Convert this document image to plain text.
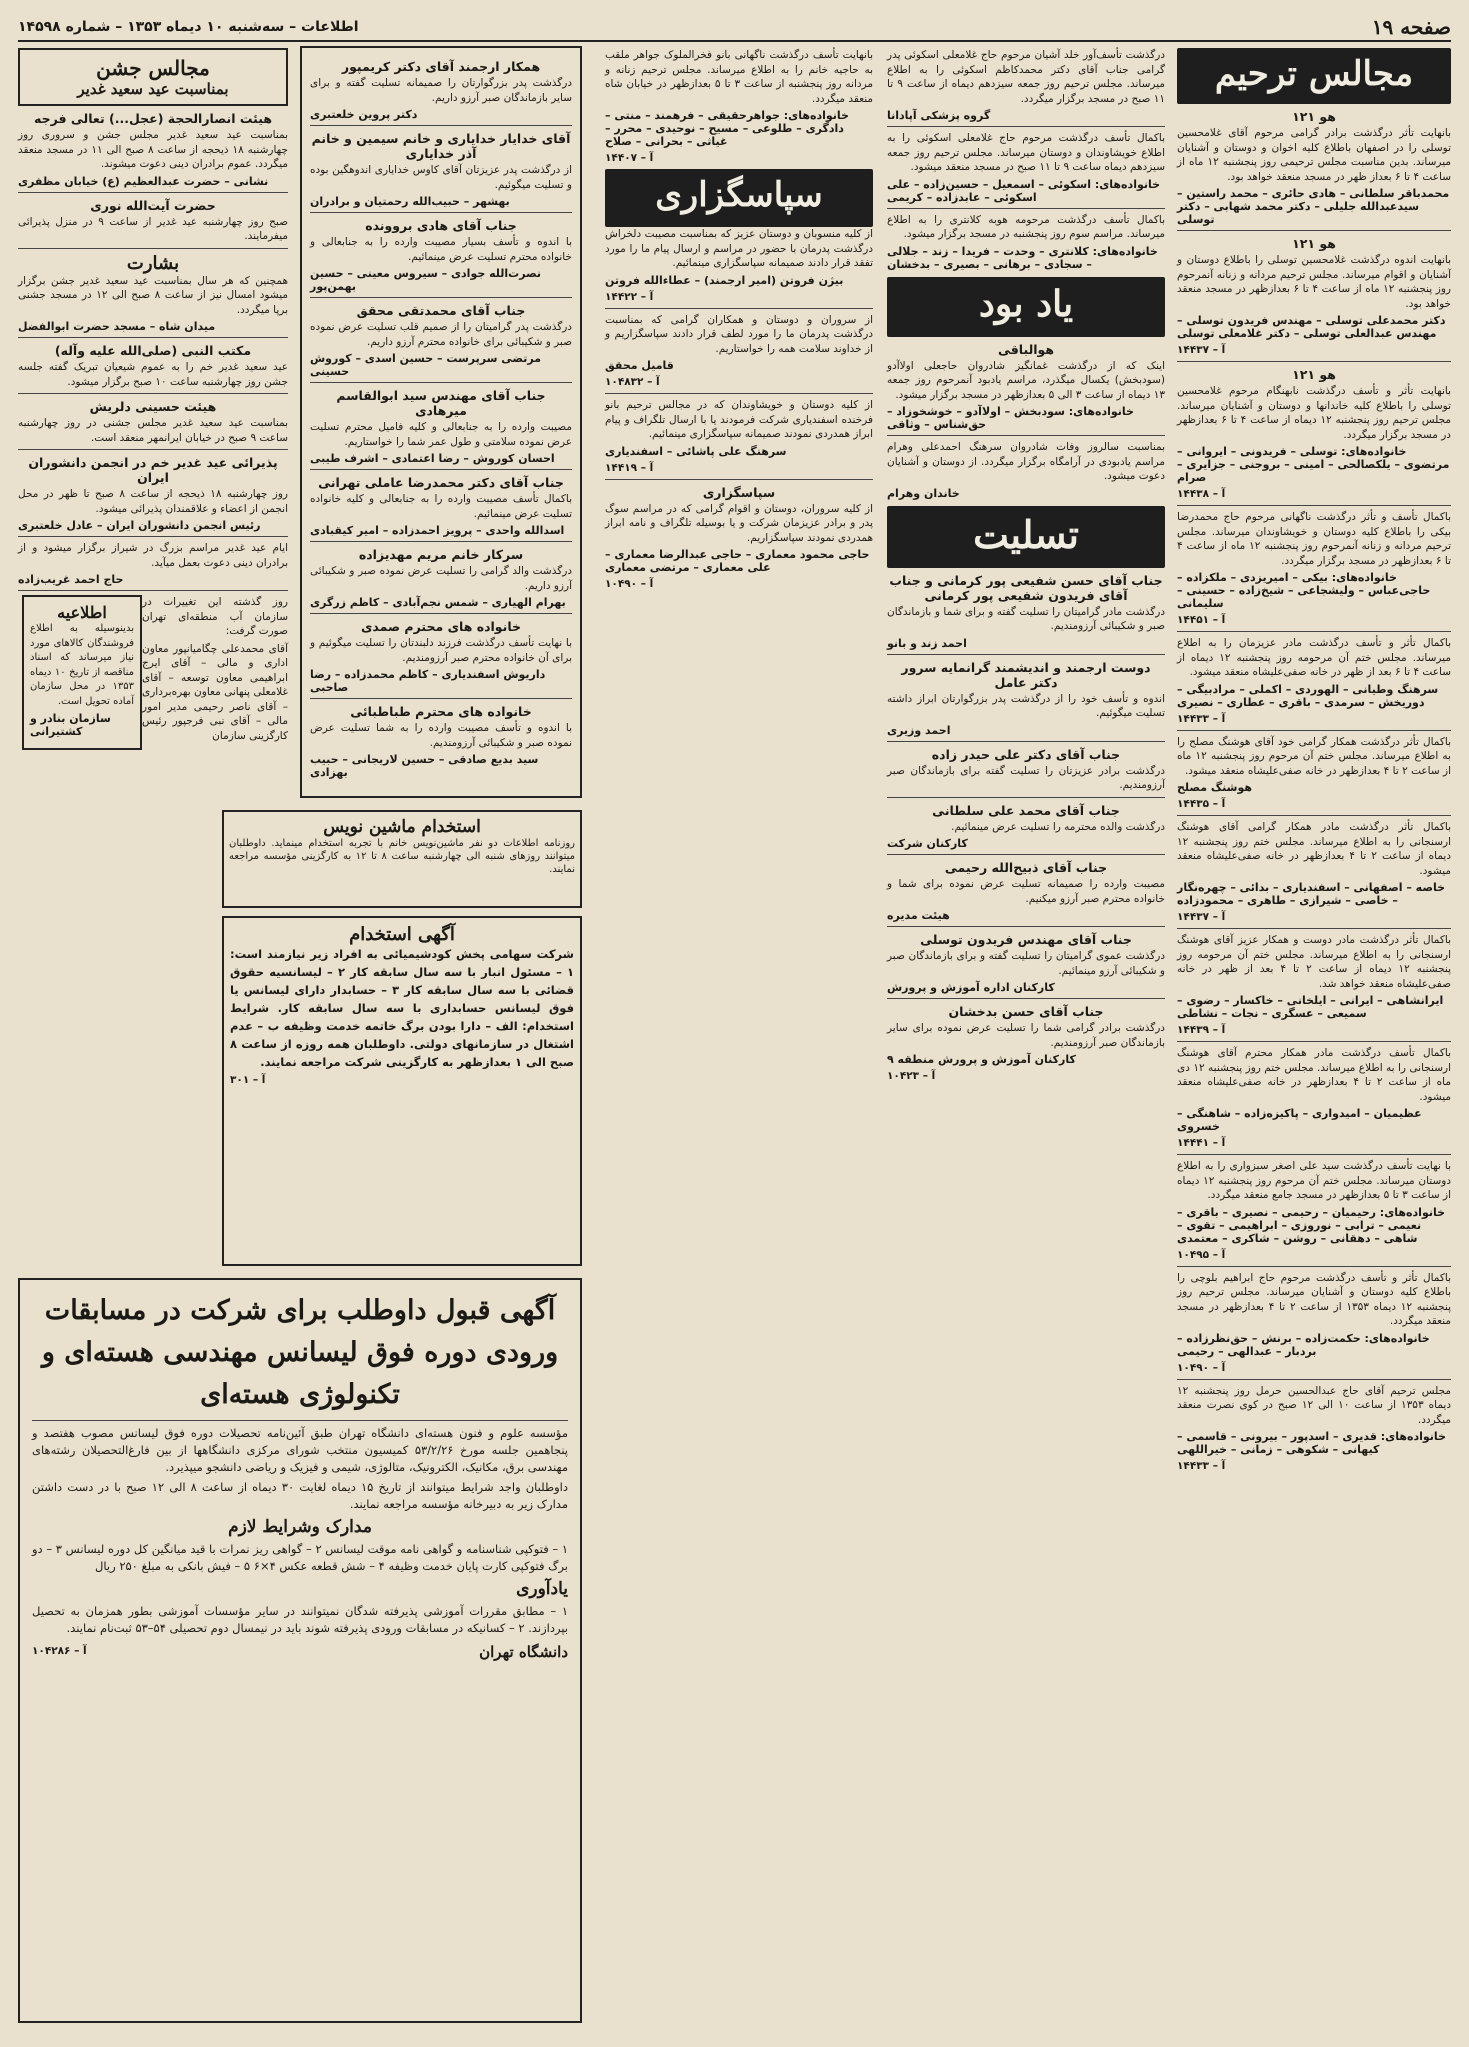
صفحه ۱۹
اطلاعات – سه‌شنبه ۱۰ دیماه ۱۳۵۳ – شماره ۱۴۵۹۸
مجالس ترحیم
هو ۱۲۱

بانهایت تأثر درگذشت برادر گرامی مرحوم آقای غلامحسین توسلی را در اصفهان باطلاع کلیه اخوان و دوستان و آشنایان میرساند. بدین مناسبت مجلس ترحیمی روز پنجشنبه ۱۲ ماه از ساعت ۴ تا ۶ بعداز ظهر در مسجد منعقد خواهد بود.

محمدباقر سلطانی – هادی حائری – محمد راستین – سیدعبدالله جلیلی – دکتر محمد شهابی – دکتر توسلی

هو ۱۲۱

بانهایت اندوه درگذشت غلامحسین توسلی را باطلاع دوستان و آشنایان و اقوام میرساند. مجلس ترحیم مردانه و زنانه آنمرحوم روز پنجشنبه ۱۲ ماه از ساعت ۴ تا ۶ بعدازظهر در مسجد منعقد خواهد بود.

دکتر محمدعلی توسلی – مهندس فریدون توسلی – مهندس عبدالعلی توسلی – دکتر غلامعلی توسلی

آ – ۱۴۴۳۷

هو ۱۲۱

بانهایت تأثر و تأسف درگذشت نابهنگام مرحوم غلامحسین توسلی را باطلاع کلیه خاندانها و دوستان و آشنایان میرساند. مجلس ترحیم روز پنجشنبه ۱۲ دیماه از ساعت ۴ تا ۶ بعدازظهر در مسجد برگزار میگردد.

خانواده‌های: توسلی – فریدونی – ایروانی – مرتضوی – یلکصالحی – امینی – بروجنی – جزایری – صرام

آ – ۱۴۴۳۸

باکمال تأسف و تأثر درگذشت ناگهانی مرحوم حاج محمدرضا بیکی را باطلاع کلیه دوستان و خویشاوندان میرساند. مجلس ترحیم مردانه و زنانه آنمرحوم روز پنجشنبه ۱۲ ماه از ساعت ۴ تا ۶ بعدازظهر در مسجد برگزار میگردد.

خانواده‌های: بیکی – امیریزدی – ملکزاده – حاجی‌عباس – ولیشجاعی – شیخ‌زاده – حسینی – سلیمانی

آ – ۱۴۴۵۱

باکمال تأثر و تأسف درگذشت مادر عزیزمان را به اطلاع میرساند. مجلس ختم آن مرحومه روز پنجشنبه ۱۲ دیماه از ساعت ۴ تا ۶ بعد از ظهر در خانه صفی‌علیشاه منعقد میشود.

سرهنگ وطیانی – الهوردی – اکملی – مرادبیگی – دوریخش – سرمدی – باقری – عطاری – نصیری

آ – ۱۴۴۳۳

باکمال تأثر درگذشت همکار گرامی خود آقای هوشنگ مصلح را به اطلاع میرساند. مجلس ختم آن مرحوم روز پنجشنبه ۱۲ ماه از ساعت ۲ تا ۴ بعدازظهر در خانه صفی‌علیشاه منعقد میشود.

هوشنگ مصلح

آ – ۱۴۴۳۵

باکمال تأثر درگذشت مادر همکار گرامی آقای هوشنگ ارسنجانی را به اطلاع میرساند. مجلس ختم روز پنجشنبه ۱۲ دیماه از ساعت ۲ تا ۴ بعدازظهر در خانه صفی‌علیشاه منعقد میشود.

خاصه – اصفهانی – اسفندیاری – بدائی – چهره‌نگار – خاصی – شیرازی – طاهری – محمودزاده

آ – ۱۴۴۳۷

باکمال تأثر درگذشت مادر دوست و همکار عزیز آقای هوشنگ ارسنجانی را به اطلاع میرساند. مجلس ختم آن مرحومه روز پنجشنبه ۱۲ دیماه از ساعت ۲ تا ۴ بعد از ظهر در خانه صفی‌علیشاه منعقد خواهد شد.

ایرانشاهی – ایرانی – ایلخانی – خاکسار – رضوی – سمیعی – عسگری – نجات – نشاطی

آ – ۱۴۴۳۹

باکمال تأسف درگذشت مادر همکار محترم آقای هوشنگ ارسنجانی را به اطلاع میرساند. مجلس ختم روز پنجشنبه ۱۲ دی ماه از ساعت ۲ تا ۴ بعدازظهر در خانه صفی‌علیشاه منعقد میشود.

عظیمیان – امیدواری – پاکیزه‌زاده – شاهنگی – خسروی

آ – ۱۴۴۴۱

با نهایت تأسف درگذشت سید علی اصغر سبزواری را به اطلاع دوستان میرساند. مجلس ختم آن مرحوم روز پنجشنبه ۱۲ دیماه از ساعت ۳ تا ۵ بعدازظهر در مسجد جامع منعقد میگردد.

خانواده‌های: رحیمیان – رحیمی – نصیری – باقری – نعیمی – ترابی – نوروزی – ابراهیمی – تقوی – شاهی – دهقانی – روشن – شاکری – معتمدی

آ – ۱۰۴۹۵

باکمال تأثر و تأسف درگذشت مرحوم حاج ابراهیم بلوچی را باطلاع کلیه دوستان و آشنایان میرساند. مجلس ترحیم روز پنجشنبه ۱۲ دیماه ۱۳۵۳ از ساعت ۲ تا ۴ بعدازظهر در مسجد منعقد میگردد.

خانواده‌های: حکمت‌زاده – برنش – حق‌نظرزاده – بردبار – عبدالهی – رحیمی

آ – ۱۰۴۹۰

مجلس ترحیم آقای حاج عبدالحسین حرمل روز پنجشنبه ۱۲ دیماه ۱۳۵۳ از ساعت ۱۰ الی ۱۲ صبح در کوی نصرت منعقد میگردد.

خانواده‌های: قدیری – اسدپور – بیرونی – قاسمی – کیهانی – شکوهی – زمانی – خیراللهی

آ – ۱۴۴۳۳

درگذشت تأسف‌آور خلد آشیان مرحوم حاج غلامعلی اسکوئی پدر گرامی جناب آقای دکتر محمدکاظم اسکوئی را به اطلاع میرساند. مجلس ترحیم روز جمعه سیزدهم دیماه از ساعت ۹ تا ۱۱ صبح در مسجد برگزار میگردد.

گروه پزشکی آپادانا

باکمال تأسف درگذشت مرحوم حاج غلامعلی اسکوئی را به اطلاع خویشاوندان و دوستان میرساند. مجلس ترحیم روز جمعه سیزدهم دیماه ساعت ۹ تا ۱۱ صبح در مسجد منعقد میشود.

خانواده‌های: اسکوئی – اسمعیل – حسین‌زاده – علی اسکوئی – عابدزاده – کریمی

باکمال تأسف درگذشت مرحومه هوبه کلانتری را به اطلاع میرساند. مراسم سوم روز پنجشنبه در مسجد برگزار میشود.

خانواده‌های: کلانتری – وحدت – فریدا – زند – جلالی – سجادی – برهانی – بصیری – بدخشان

یاد بود
هوالباقی

اینک که از درگذشت غمانگیز شادروان حاجعلی اولاآدو (سودبخش) یکسال میگذرد، مراسم یادبود آنمرحوم روز جمعه ۱۳ دیماه از ساعت ۳ الی ۵ بعدازظهر در مسجد برگزار میشود.

خانواده‌های: سودبخش – اولاآدو – خوشخوزاد – حق‌شناس – وثاقی

بمناسبت سالروز وفات شادروان سرهنگ احمدعلی وهرام مراسم یادبودی در آرامگاه برگزار میگردد. از دوستان و آشنایان دعوت میشود.

خاندان وهرام

تسلیت
جناب آقای حسن شفیعی پور کرمانی و جناب آقای فریدون شفیعی پور کرمانی

درگذشت مادر گرامیتان را تسلیت گفته و برای شما و بازماندگان صبر و شکیبائی آرزومندیم.

احمد زند و بانو

دوست ارجمند و اندیشمند گرانمایه سرور دکتر عامل

اندوه و تأسف خود را از درگذشت پدر بزرگوارتان ابراز داشته تسلیت میگوئیم.

احمد وزیری

جناب آقای دکتر علی حیدر زاده

درگذشت برادر عزیزتان را تسلیت گفته برای بازماندگان صبر آرزومندیم.

جناب آقای محمد علی سلطانی

درگذشت والده محترمه را تسلیت عرض مینمائیم.

کارکنان شرکت

جناب آقای ذبیح‌الله رحیمی

مصیبت وارده را صمیمانه تسلیت عرض نموده برای شما و خانواده محترم صبر آرزو میکنیم.

هیئت مدیره

جناب آقای مهندس فریدون توسلی

درگذشت عموی گرامیتان را تسلیت گفته و برای بازماندگان صبر و شکیبائی آرزو مینمائیم.

کارکنان اداره آموزش و پرورش

جناب آقای حسن بدخشان

درگذشت برادر گرامی شما را تسلیت عرض نموده برای سایر بازماندگان صبر آرزومندیم.

کارکنان آموزش و پرورش منطقه ۹

آ – ۱۰۴۲۳

بانهایت تأسف درگذشت ناگهانی بانو فخرالملوک جواهر ملقب به حاجیه خانم را به اطلاع میرساند. مجلس ترحیم زنانه و مردانه روز پنجشنبه از ساعت ۳ تا ۵ بعدازظهر در خیابان شاه منعقد میگردد.

خانواده‌های: جواهرحقیقی – فرهمند – منتی – دادگری – طلوعی – مسیح – نوحیدی – محرر – غیاثی – بحرانی – صلاح

آ – ۱۴۴۰۷

سپاسگزاری

از کلیه منسوبان و دوستان عزیز که بمناسبت مصیبت دلخراش درگذشت پدرمان با حضور در مراسم و ارسال پیام ما را مورد تفقد قرار دادند صمیمانه سپاسگزاری مینمائیم.

بیژن فروتن (امیر ارجمند) – عطاءالله فروتن

آ – ۱۴۴۲۲

از سروران و دوستان و همکاران گرامی که بمناسبت درگذشت پدرمان ما را مورد لطف قرار دادند سپاسگزاریم و از خداوند سلامت همه را خواستاریم.

قامیل محقق

آ – ۱۰۴۸۳۲

از کلیه دوستان و خویشاوندان که در مجالس ترحیم بانو فرخنده اسفندیاری شرکت فرمودند یا با ارسال تلگراف و پیام ابراز همدردی نمودند صمیمانه سپاسگزاری مینمائیم.

سرهنگ علی پاشائی – اسفندیاری

آ – ۱۴۴۱۹

سپاسگزاری

از کلیه سروران، دوستان و اقوام گرامی که در مراسم سوگ پدر و برادر عزیزمان شرکت و یا بوسیله تلگراف و نامه ابراز همدردی نمودند سپاسگزاریم.

حاجی محمود معماری – حاجی عبدالرضا معماری – علی معماری – مرتضی معماری

آ – ۱۰۴۹۰

همکار ارجمند آقای دکتر کریمپور

درگذشت پدر بزرگوارتان را صمیمانه تسلیت گفته و برای سایر بازماندگان صبر آرزو داریم.

دکتر پروین خلعتبری

آقای خدایار خدایاری و خانم سیمین و خانم آذر خدایاری

از درگذشت پدر عزیزتان آقای کاوس خدایاری اندوهگین بوده و تسلیت میگوئیم.

بهشهر – حبیب‌الله رحمتیان و برادران

جناب آقای هادی بروونده

با اندوه و تأسف بسیار مصیبت وارده را به جنابعالی و خانواده محترم تسلیت عرض مینمائیم.

نصرت‌الله جوادی – سیروس معینی – حسین بهمن‌پور

جناب آقای محمدتقی محقق

درگذشت پدر گرامیتان را از صمیم قلب تسلیت عرض نموده صبر و شکیبائی برای خانواده محترم آرزو داریم.

مرتضی سرپرست – حسین اسدی – کوروش حسینی

جناب آقای مهندس سید ابوالقاسم میرهادی

مصیبت وارده را به جنابعالی و کلیه فامیل محترم تسلیت عرض نموده سلامتی و طول عمر شما را خواستاریم.

احسان کوروش – رضا اعتمادی – اشرف طیبی

جناب آقای دکتر محمدرضا عاملی تهرانی

باکمال تأسف مصیبت وارده را به جنابعالی و کلیه خانواده تسلیت عرض مینمائیم.

اسدالله واحدی – پرویز احمدزاده – امیر کیقبادی

سرکار خانم مریم مهدیزاده

درگذشت والد گرامی را تسلیت عرض نموده صبر و شکیبائی آرزو داریم.

بهرام الهیاری – شمس نجم‌آبادی – کاظم زرگری

خانواده های محترم صمدی

با نهایت تأسف درگذشت فرزند دلبندتان را تسلیت میگوئیم و برای آن خانواده محترم صبر آرزومندیم.

داریوش اسفندیاری – کاظم محمدزاده – رضا صاحبی

خانواده های محترم طباطبائی

با اندوه و تأسف مصیبت وارده را به شما تسلیت عرض نموده صبر و شکیبائی آرزومندیم.

سید بدیع صادقی – حسین لاریجانی – حبیب بهزادی

مجالس جشن
بمناسبت عید سعید غدیر
هیئت انصارالحجة (عجل...) تعالی فرجه

بمناسبت عید سعید غدیر مجلس جشن و سروری روز چهارشنبه ۱۸ ذیحجه از ساعت ۸ صبح الی ۱۱ در مسجد منعقد میگردد. عموم برادران دینی دعوت میشوند.

نشانی – حضرت عبدالعظیم (ع) خیابان مظفری

حضرت آیت‌الله نوری

صبح روز چهارشنبه عید غدیر از ساعت ۹ در منزل پذیرائی میفرمایند.

بشارت

همچنین که هر سال بمناسبت عید سعید غدیر جشن برگزار میشود امسال نیز از ساعت ۸ صبح الی ۱۲ در مسجد جشنی برپا میگردد.

میدان شاه – مسجد حضرت ابوالفضل

مکتب النبی (صلی‌الله علیه وآله)

عید سعید غدیر خم را به عموم شیعیان تبریک گفته جلسه جشن روز چهارشنبه ساعت ۱۰ صبح برگزار میشود.

هیئت حسینی دلریش

بمناسبت عید سعید غدیر مجلس جشنی در روز چهارشنبه ساعت ۹ صبح در خیابان ایرانمهر منعقد است.

پذیرائی عید غدیر خم در انجمن دانشوران ایران

روز چهارشنبه ۱۸ ذیحجه از ساعت ۸ صبح تا ظهر در محل انجمن از اعضاء و علاقمندان پذیرائی میشود.

رئیس انجمن دانشوران ایران – عادل خلعتبری

ایام عید غدیر مراسم بزرگ در شیراز برگزار میشود و از برادران دینی دعوت بعمل میآید.

حاج احمد غریب‌زاده

اطلاعیه

بدینوسیله به اطلاع فروشندگان کالاهای مورد نیاز میرساند که اسناد مناقصه از تاریخ ۱۰ دیماه ۱۳۵۳ در محل سازمان آماده تحویل است.

سازمان بنادر و کشتیرانی

روز گذشته این تغییرات در سازمان آب منطقه‌ای تهران صورت گرفت:

آقای محمدعلی چگامیانپور معاون اداری و مالی – آقای ایرج ابراهیمی معاون توسعه – آقای غلامعلی پنهانی معاون بهره‌برداری – آقای ناصر رحیمی مدیر امور مالی – آقای نبی فرجپور رئیس کارگزینی سازمان

استخدام ماشین نویس

روزنامه اطلاعات دو نفر ماشین‌نویس خانم با تجربه استخدام مینماید. داوطلبان میتوانند روزهای شنبه الی چهارشنبه ساعت ۸ تا ۱۲ به کارگزینی مؤسسه مراجعه نمایند.

آگهی استخدام

شرکت سهامی پخش کودشیمیائی به افراد زیر نیازمند است: ۱ – مسئول انبار با سه سال سابقه کار ۲ – لیسانسیه حقوق قضائی با سه سال سابقه کار ۳ – حسابدار دارای لیسانس یا فوق لیسانس حسابداری با سه سال سابقه کار. شرایط استخدام: الف – دارا بودن برگ خاتمه خدمت وظیفه ب – عدم اشتغال در سازمانهای دولتی. داوطلبان همه روزه از ساعت ۸ صبح الی ۱ بعدازظهر به کارگزینی شرکت مراجعه نمایند.

آ – ۳۰۱

آگهی قبول داوطلب برای شرکت در مسابقات ورودی دوره فوق لیسانس مهندسی هسته‌ای و تکنولوژی هسته‌ای

مؤسسه علوم و فنون هسته‌ای دانشگاه تهران طبق آئین‌نامه تحصیلات دوره فوق لیسانس مصوب هفتصد و پنجاهمین جلسه مورخ ۵۳/۲/۲۶ کمیسیون منتخب شورای مرکزی دانشگاهها از بین فارغ‌التحصیلان رشته‌های مهندسی برق، مکانیک، الکترونیک، متالوژی، شیمی و فیزیک و ریاضی دانشجو میپذیرد.

داوطلبان واجد شرایط میتوانند از تاریخ ۱۵ دیماه لغایت ۳۰ دیماه از ساعت ۸ الی ۱۲ صبح با در دست داشتن مدارک زیر به دبیرخانه مؤسسه مراجعه نمایند.

مدارک وشرایط لازم

۱ – فتوکپی شناسنامه و گواهی نامه موقت لیسانس ۲ – گواهی ریز نمرات با قید میانگین کل دوره لیسانس ۳ – دو برگ فتوکپی کارت پایان خدمت وظیفه ۴ – شش قطعه عکس ۴×۶ ۵ – فیش بانکی به مبلغ ۲۵۰ ریال

یادآوری

۱ – مطابق مقررات آموزشی پذیرفته شدگان نمیتوانند در سایر مؤسسات آموزشی بطور همزمان به تحصیل بپردازند. ۲ – کسانیکه در مسابقات ورودی پذیرفته شوند باید در نیمسال دوم تحصیلی ۵۴–۵۳ ثبت‌نام نمایند.

دانشگاه تهران
آ – ۱۰۴۲۸۶
